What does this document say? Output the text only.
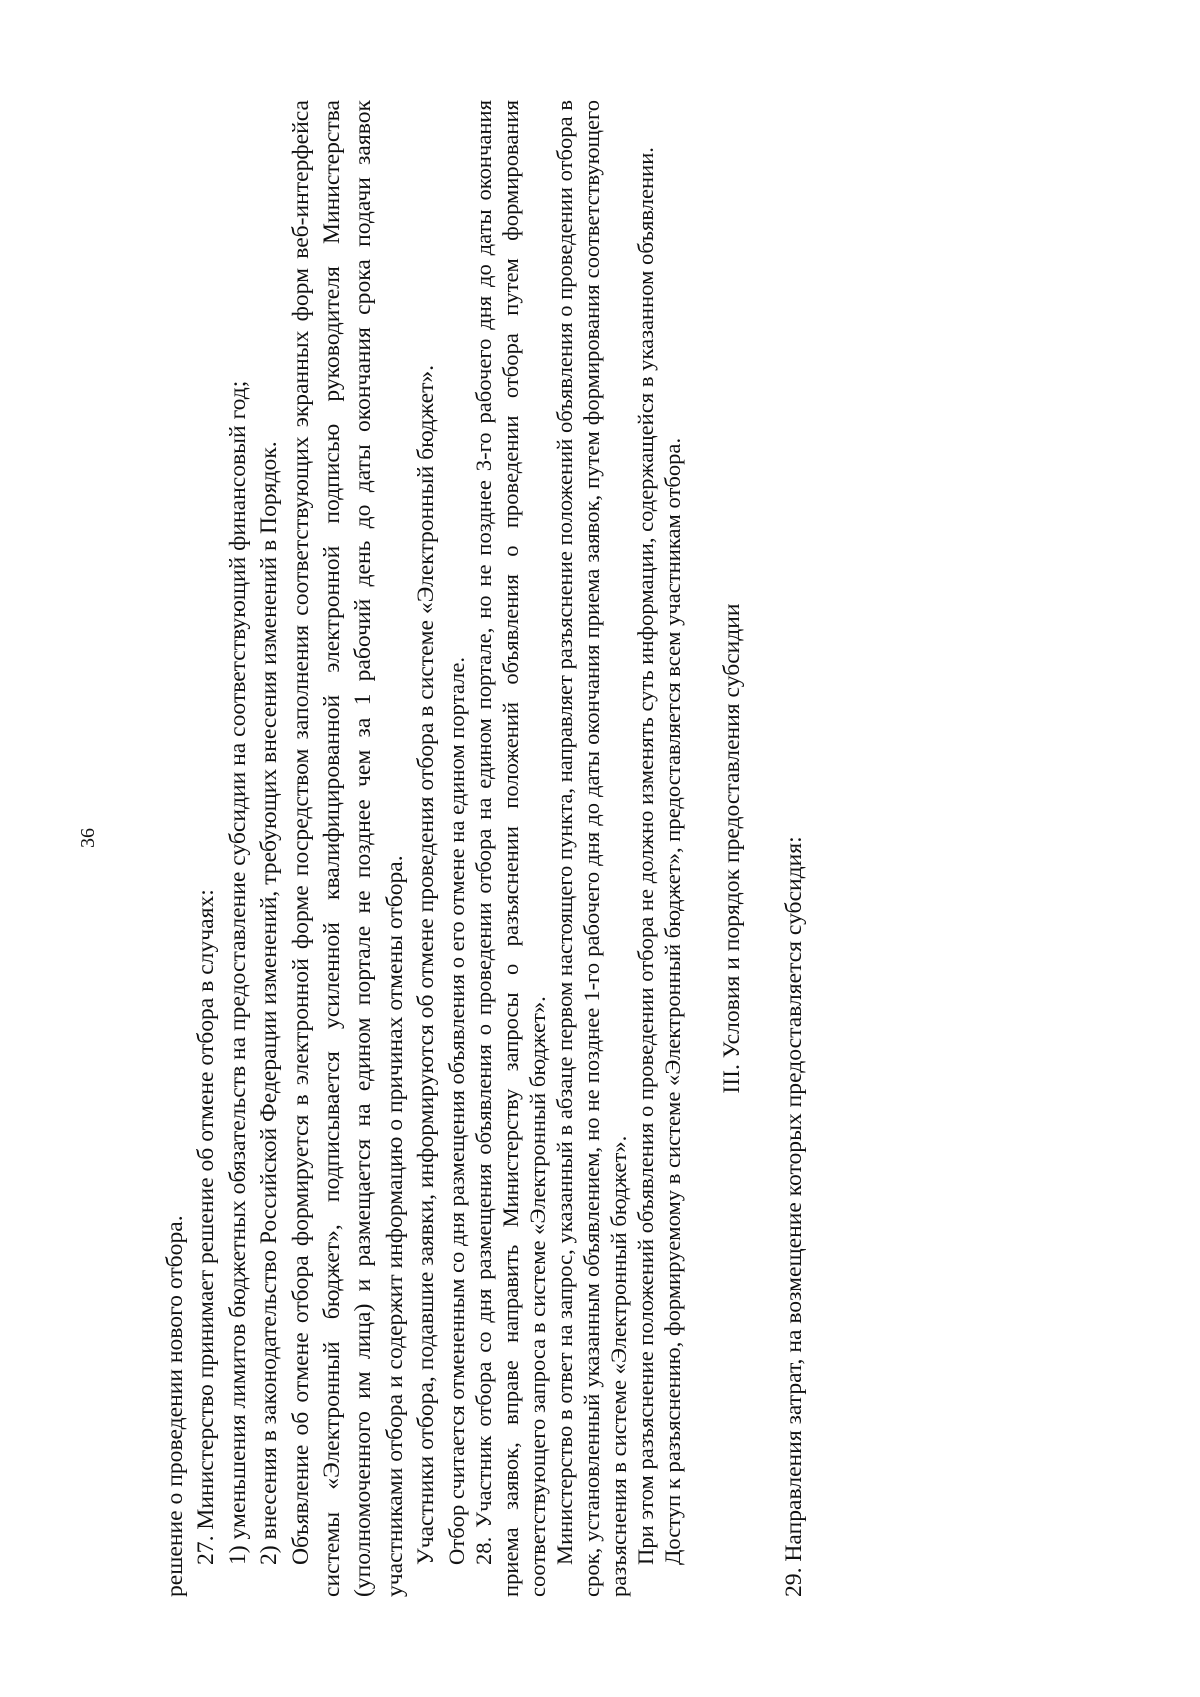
36

решение о проведении нового отбора. 27. Министерство принимает решение об отмене отбора в случаях: 1) уменьшения лимитов бюджетных обязательств на предоставление субсидии на соответствующий финансовый год; 2) внесения в законодательство Российской Федерации изменений, требующих внесения изменений в Порядок. Объявление об отмене отбора формируется в электронной форме посредством заполнения соответствующих экранных форм веб-интерфейса системы «Электронный бюджет», подписывается усиленной квалифицированной электронной подписью руководителя Министерства (уполномоченного им лица) и размещается на едином портале не позднее чем за 1 рабочий день до даты окончания срока подачи заявок участниками отбора и содержит информацию о причинах отмены отбора. Участники отбора, подавшие заявки, информируются об отмене проведения отбора в системе «Электронный бюджет». Отбор считается отмененным со дня размещения объявления о его отмене на едином портале. 28. Участник отбора со дня размещения объявления о проведении отбора на едином портале, но не позднее 3-го рабочего дня до даты окончания приема заявок, вправе направить Министерству запросы о разъяснении положений объявления о проведении отбора путем формирования соответствующего запроса в системе «Электронный бюджет». Министерство в ответ на запрос, указанный в абзаце первом настоящего пункта, направляет разъяснение положений объявления о проведении отбора в срок, установленный указанным объявлением, но не позднее 1-го рабочего дня до даты окончания приема заявок, путем формирования соответствующего разъяснения в системе «Электронный бюджет». При этом разъяснение положений объявления о проведении отбора не должно изменять суть информации, содержащейся в указанном объявлении. Доступ к разъяснению, формируемому в системе «Электронный бюджет», предоставляется всем участникам отбора. III. Условия и порядок предоставления субсидии 29. Направления затрат, на возмещение которых предоставляется субсидия:
